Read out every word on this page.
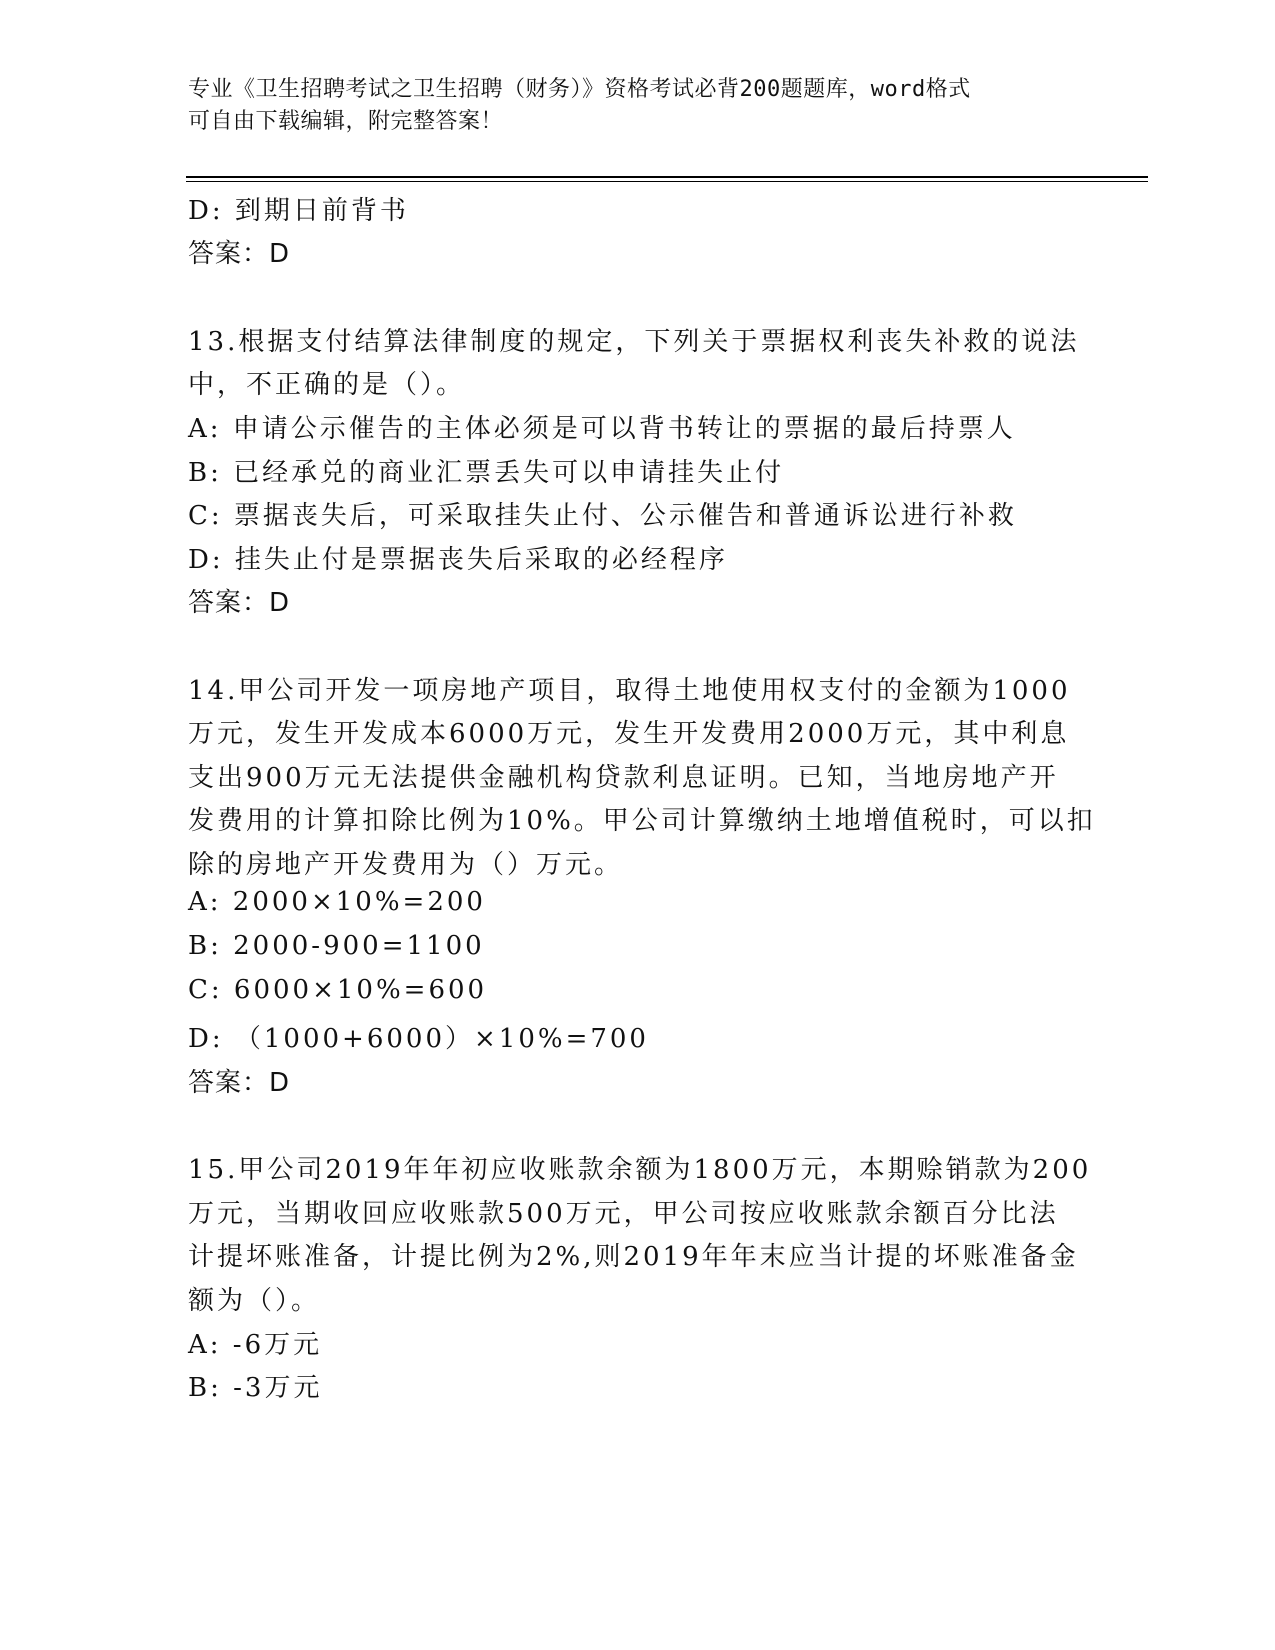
专业《卫生招聘考试之卫生招聘（财务）》资格考试必背200题题库，word格式
可自由下载编辑，附完整答案！
D: 到期日前背书
答案：D
13.根据支付结算法律制度的规定，下列关于票据权利丧失补救的说法
中，不正确的是（）。
A: 申请公示催告的主体必须是可以背书转让的票据的最后持票人
B: 已经承兑的商业汇票丢失可以申请挂失止付
C: 票据丧失后，可采取挂失止付、公示催告和普通诉讼进行补救
D: 挂失止付是票据丧失后采取的必经程序
答案：D
14.甲公司开发一项房地产项目，取得土地使用权支付的金额为1000
万元，发生开发成本6000万元，发生开发费用2000万元，其中利息
支出900万元无法提供金融机构贷款利息证明。已知，当地房地产开
发费用的计算扣除比例为10%。甲公司计算缴纳土地增值税时，可以扣
除的房地产开发费用为（）万元。
A: 2000×10%=200
B: 2000-900=1100
C: 6000×10%=600
D: （1000+6000）×10%=700
答案：D
15.甲公司2019年年初应收账款余额为1800万元，本期赊销款为200
万元，当期收回应收账款500万元，甲公司按应收账款余额百分比法
计提坏账准备，计提比例为2%,则2019年年末应当计提的坏账准备金
额为（）。
A: -6万元
B: -3万元
